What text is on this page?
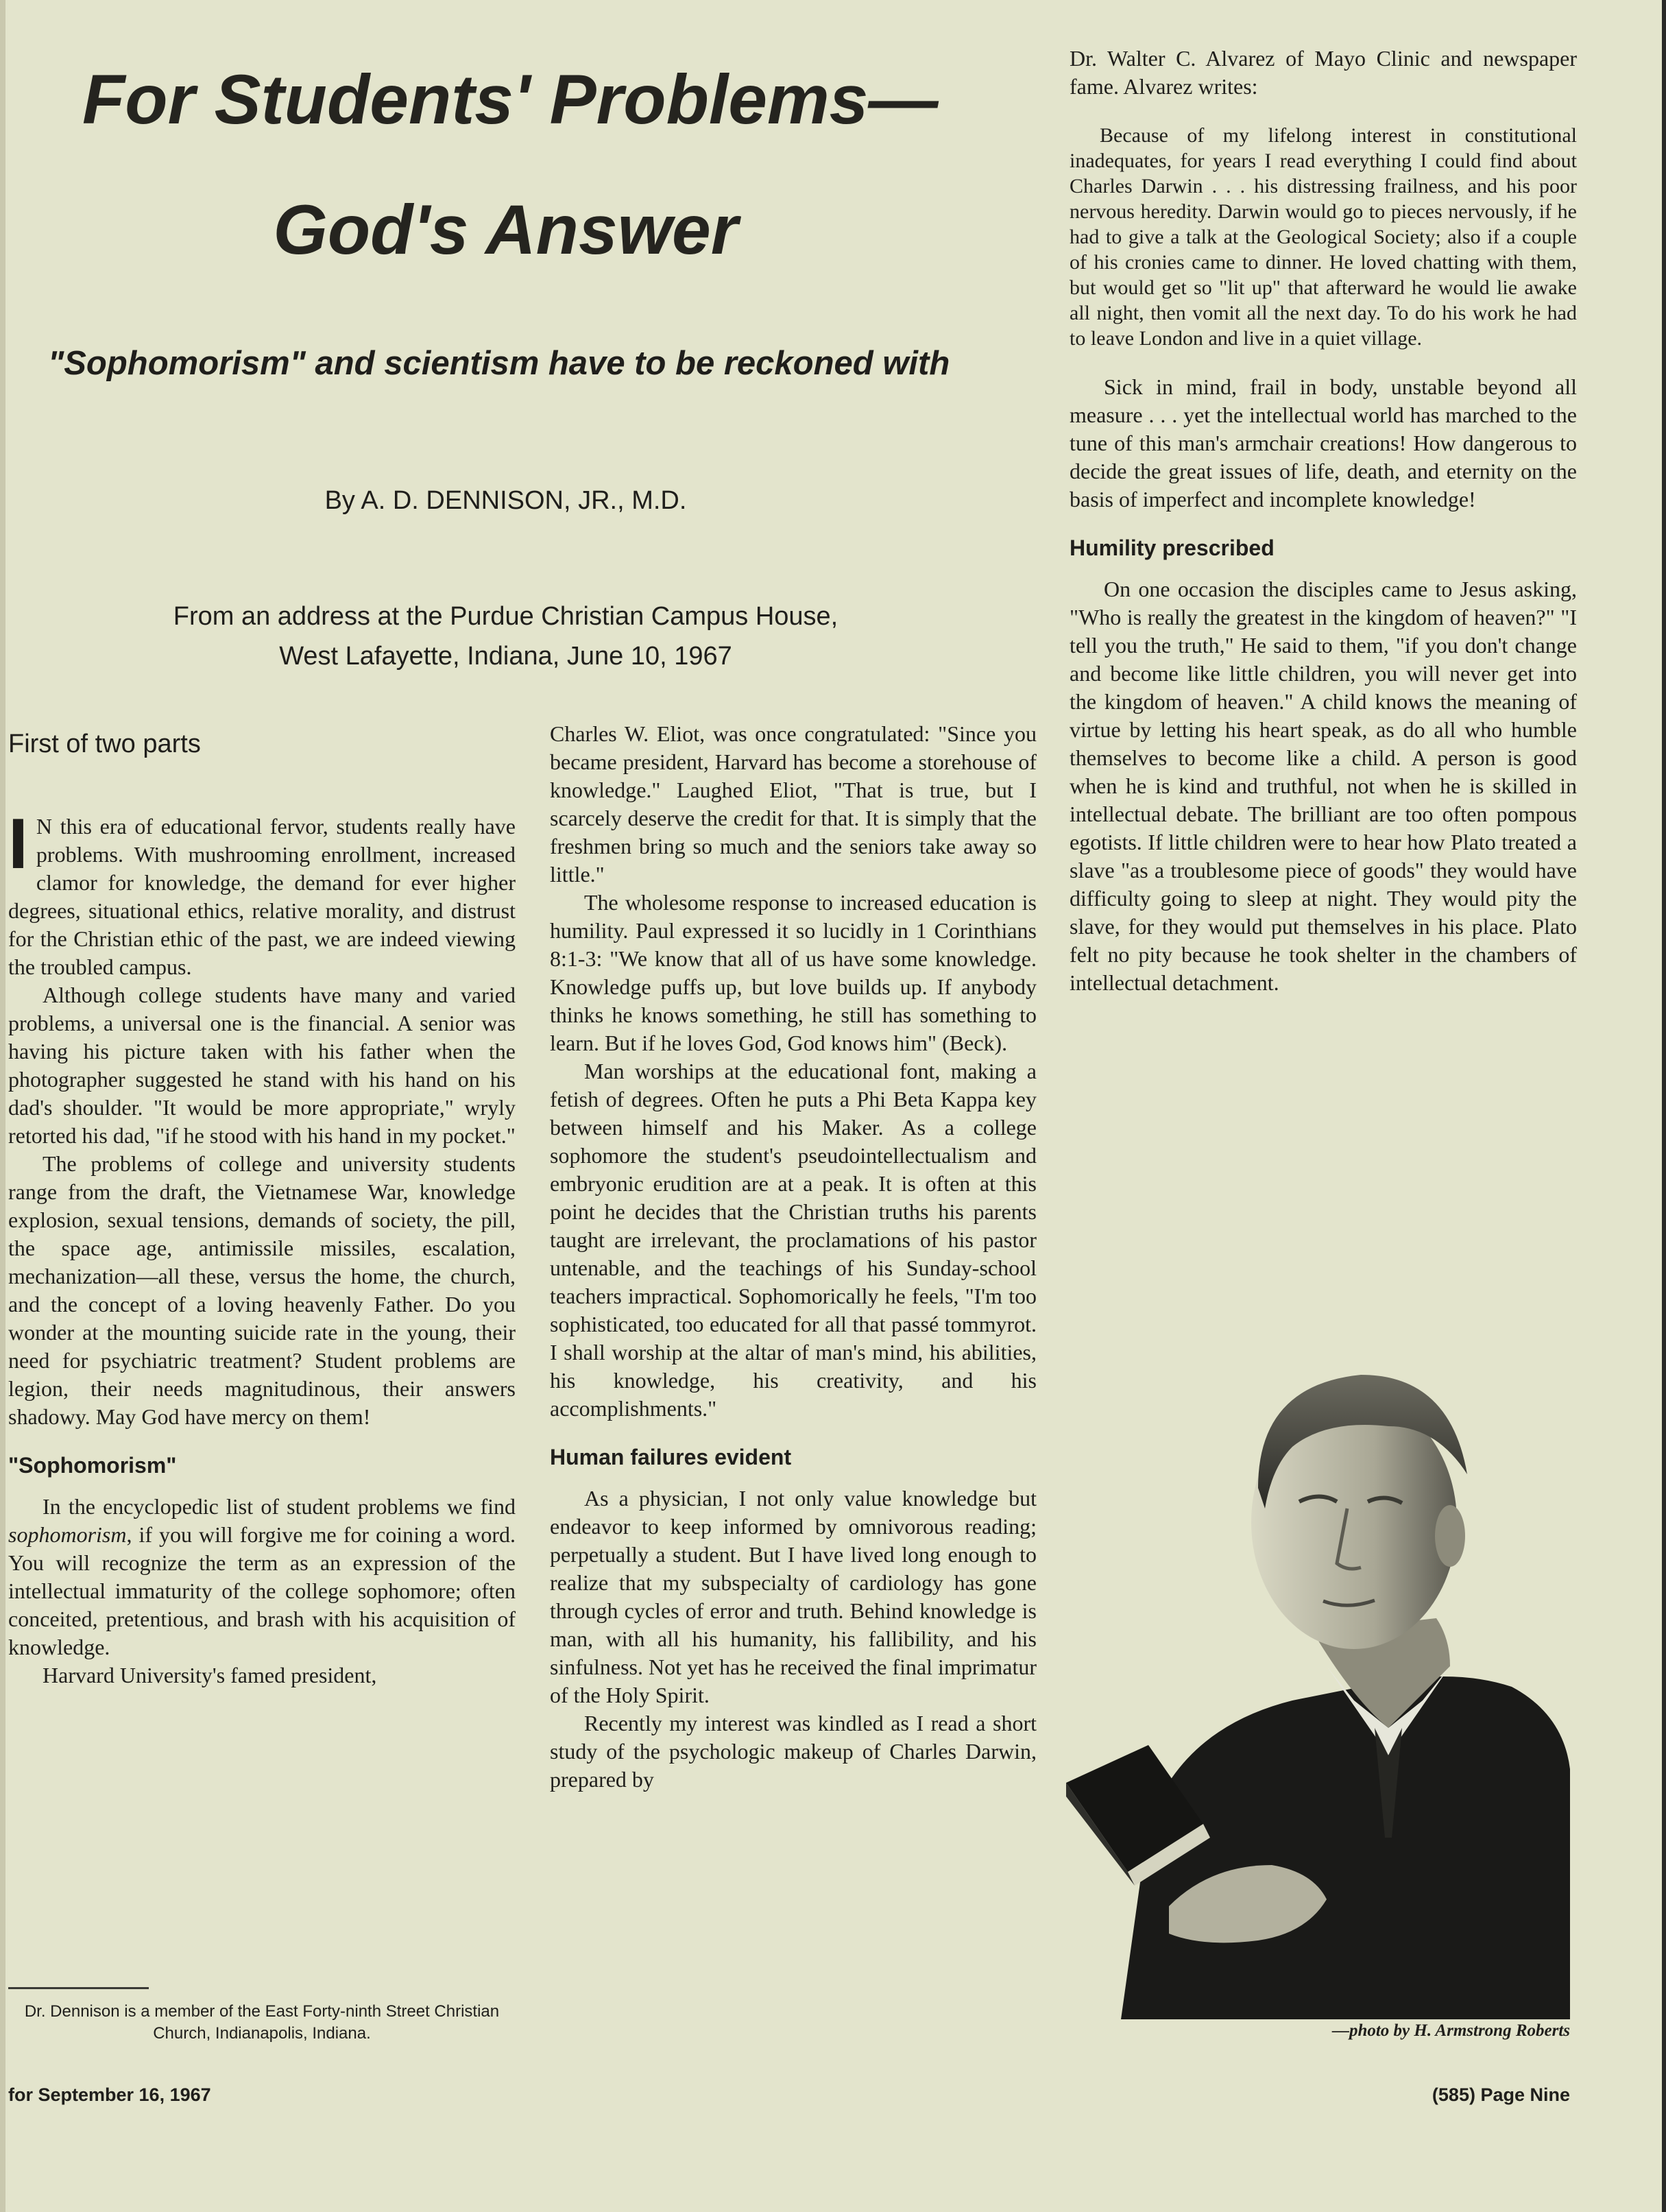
For Students' Problems—
God's Answer
"Sophomorism" and scientism have to be reckoned with
By A. D. DENNISON, JR., M.D.
From an address at the Purdue Christian Campus House,
West Lafayette, Indiana, June 10, 1967
First of two parts

I N this era of educational fervor, students really have problems. With mushrooming enrollment, increased clamor for knowledge, the demand for ever higher degrees, situational ethics, relative morality, and distrust for the Christian ethic of the past, we are indeed viewing the troubled campus.

Although college students have many and varied problems, a universal one is the financial. A senior was having his picture taken with his father when the photographer suggested he stand with his hand on his dad's shoulder. "It would be more appropriate," wryly retorted his dad, "if he stood with his hand in my pocket."

The problems of college and university students range from the draft, the Vietnamese War, knowledge explosion, sexual tensions, demands of society, the pill, the space age, antimissile missiles, escalation, mechanization—all these, versus the home, the church, and the concept of a loving heavenly Father. Do you wonder at the mounting suicide rate in the young, their need for psychiatric treatment? Student problems are legion, their needs magnitudinous, their answers shadowy. May God have mercy on them!

"Sophomorism"

In the encyclopedic list of student problems we find sophomorism, if you will forgive me for coining a word. You will recognize the term as an expression of the intellectual immaturity of the college sophomore; often conceited, pretentious, and brash with his acquisition of knowledge.

Harvard University's famed president,

Charles W. Eliot, was once congratulated: "Since you became president, Harvard has become a storehouse of knowledge." Laughed Eliot, "That is true, but I scarcely deserve the credit for that. It is simply that the freshmen bring so much and the seniors take away so little."

The wholesome response to increased education is humility. Paul expressed it so lucidly in 1 Corinthians 8:1-3: "We know that all of us have some knowledge. Knowledge puffs up, but love builds up. If anybody thinks he knows something, he still has something to learn. But if he loves God, God knows him" (Beck).

Man worships at the educational font, making a fetish of degrees. Often he puts a Phi Beta Kappa key between himself and his Maker. As a college sophomore the student's pseudointellectualism and embryonic erudition are at a peak. It is often at this point he decides that the Christian truths his parents taught are irrelevant, the proclamations of his pastor untenable, and the teachings of his Sunday-school teachers impractical. Sophomorically he feels, "I'm too sophisticated, too educated for all that passé tommyrot. I shall worship at the altar of man's mind, his abilities, his knowledge, his creativity, and his accomplishments."

Human failures evident

As a physician, I not only value knowledge but endeavor to keep informed by omnivorous reading; perpetually a student. But I have lived long enough to realize that my subspecialty of cardiology has gone through cycles of error and truth. Behind knowledge is man, with all his humanity, his fallibility, and his sinfulness. Not yet has he received the final imprimatur of the Holy Spirit.

Recently my interest was kindled as I read a short study of the psychologic makeup of Charles Darwin, prepared by

Dr. Walter C. Alvarez of Mayo Clinic and newspaper fame. Alvarez writes:

Because of my lifelong interest in constitutional inadequates, for years I read everything I could find about Charles Darwin . . . his distressing frailness, and his poor nervous heredity. Darwin would go to pieces nervously, if he had to give a talk at the Geological Society; also if a couple of his cronies came to dinner. He loved chatting with them, but would get so "lit up" that afterward he would lie awake all night, then vomit all the next day. To do his work he had to leave London and live in a quiet village.

Sick in mind, frail in body, unstable beyond all measure . . . yet the intellectual world has marched to the tune of this man's armchair creations! How dangerous to decide the great issues of life, death, and eternity on the basis of imperfect and incomplete knowledge!

Humility prescribed

On one occasion the disciples came to Jesus asking, "Who is really the greatest in the kingdom of heaven?" "I tell you the truth," He said to them, "if you don't change and become like little children, you will never get into the kingdom of heaven." A child knows the meaning of virtue by letting his heart speak, as do all who humble themselves to become like a child. A person is good when he is kind and truthful, not when he is skilled in intellectual debate. The brilliant are too often pompous egotists. If little children were to hear how Plato treated a slave "as a troublesome piece of goods" they would have difficulty going to sleep at night. They would pity the slave, for they would put themselves in his place. Plato felt no pity because he took shelter in the chambers of intellectual detachment.

—photo by H. Armstrong Roberts
Dr. Dennison is a member of the East Forty-ninth Street Christian Church, Indianapolis, Indiana.
for September 16, 1967	(585) Page Nine
